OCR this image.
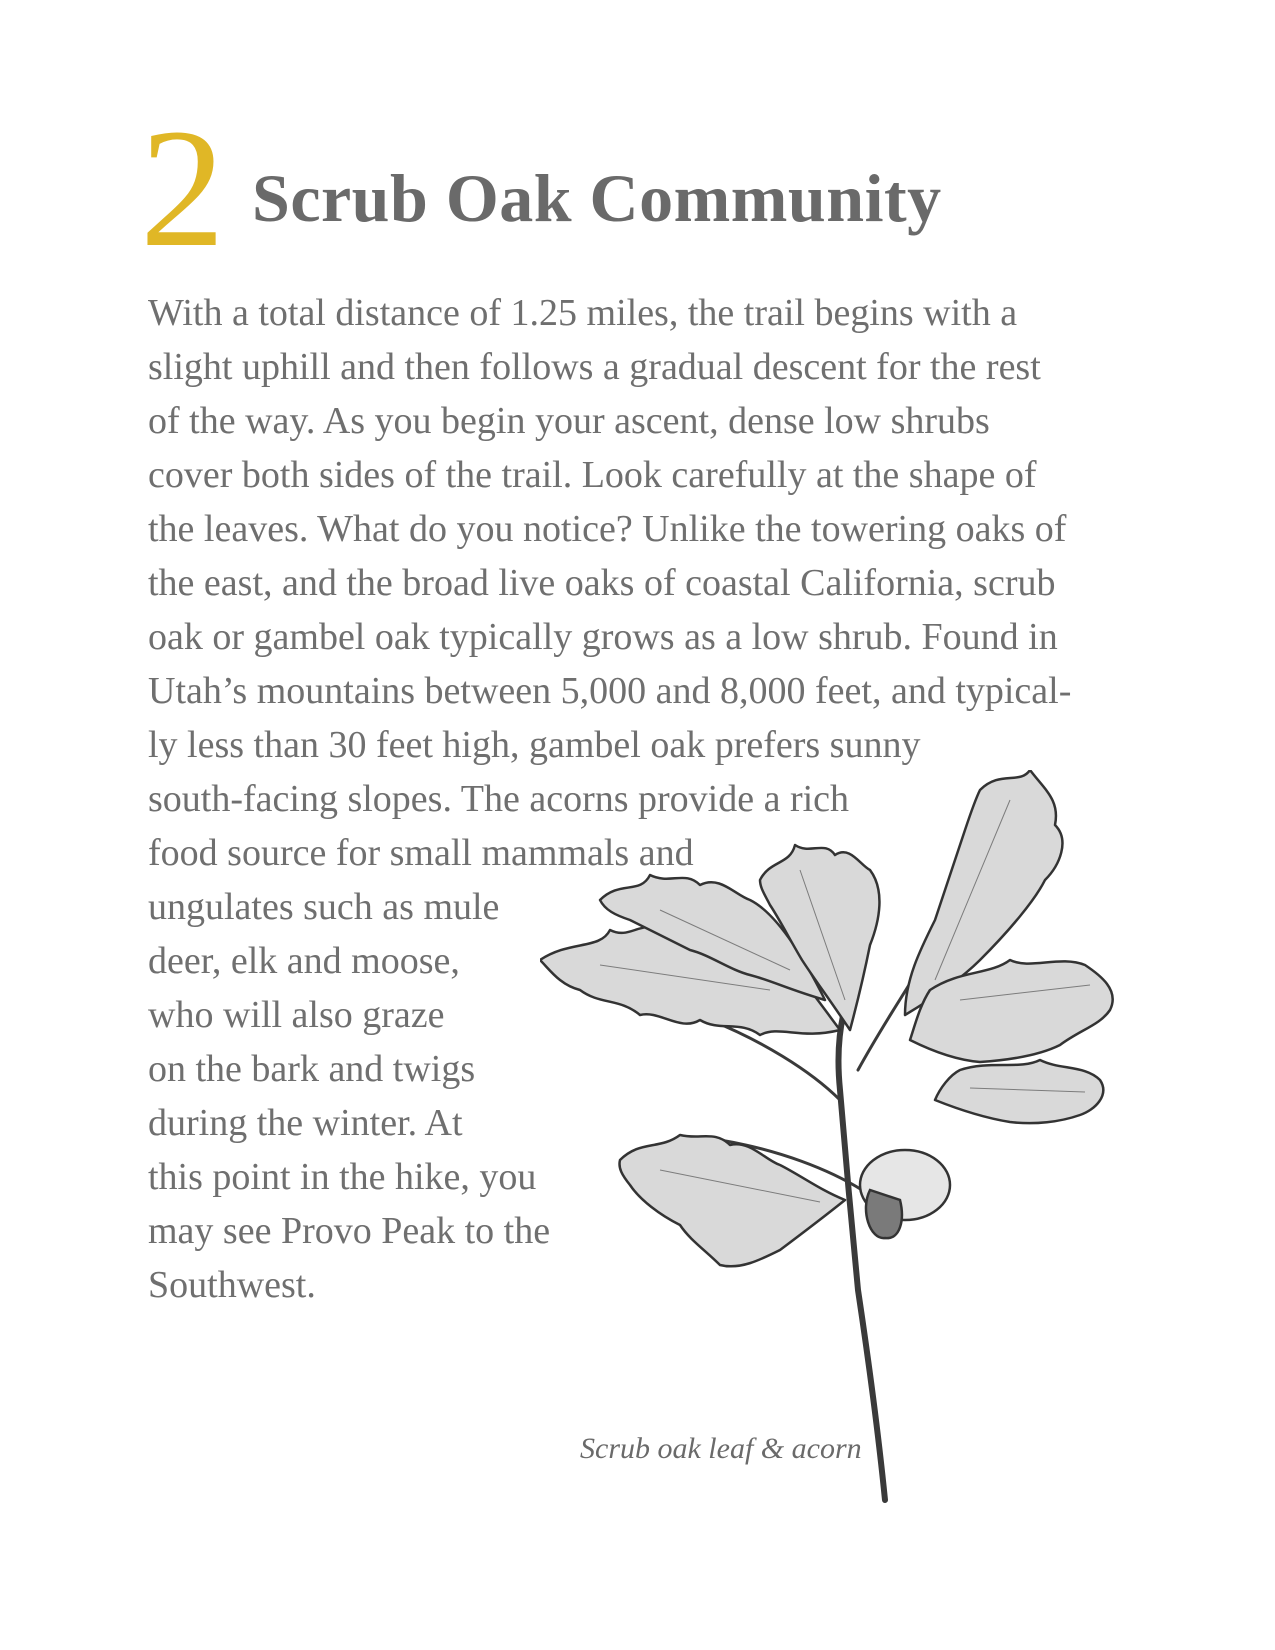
2 Scrub Oak Community
With a total distance of 1.25 miles, the trail begins with a
slight uphill and then follows a gradual descent for the rest
of the way. As you begin your ascent, dense low shrubs
cover both sides of the trail. Look carefully at the shape of
the leaves. What do you notice? Unlike the towering oaks of
the east, and the broad live oaks of coastal California, scrub
oak or gambel oak typically grows as a low shrub. Found in
Utah’s mountains between 5,000 and 8,000 feet, and typical-
ly less than 30 feet high, gambel oak prefers sunny
south-facing slopes. The acorns provide a rich
food source for small mammals and
ungulates such as mule
deer, elk and moose,
who will also graze
on the bark and twigs
during the winter. At
this point in the hike, you
may see Provo Peak to the
Southwest.
Scrub oak leaf & acorn
